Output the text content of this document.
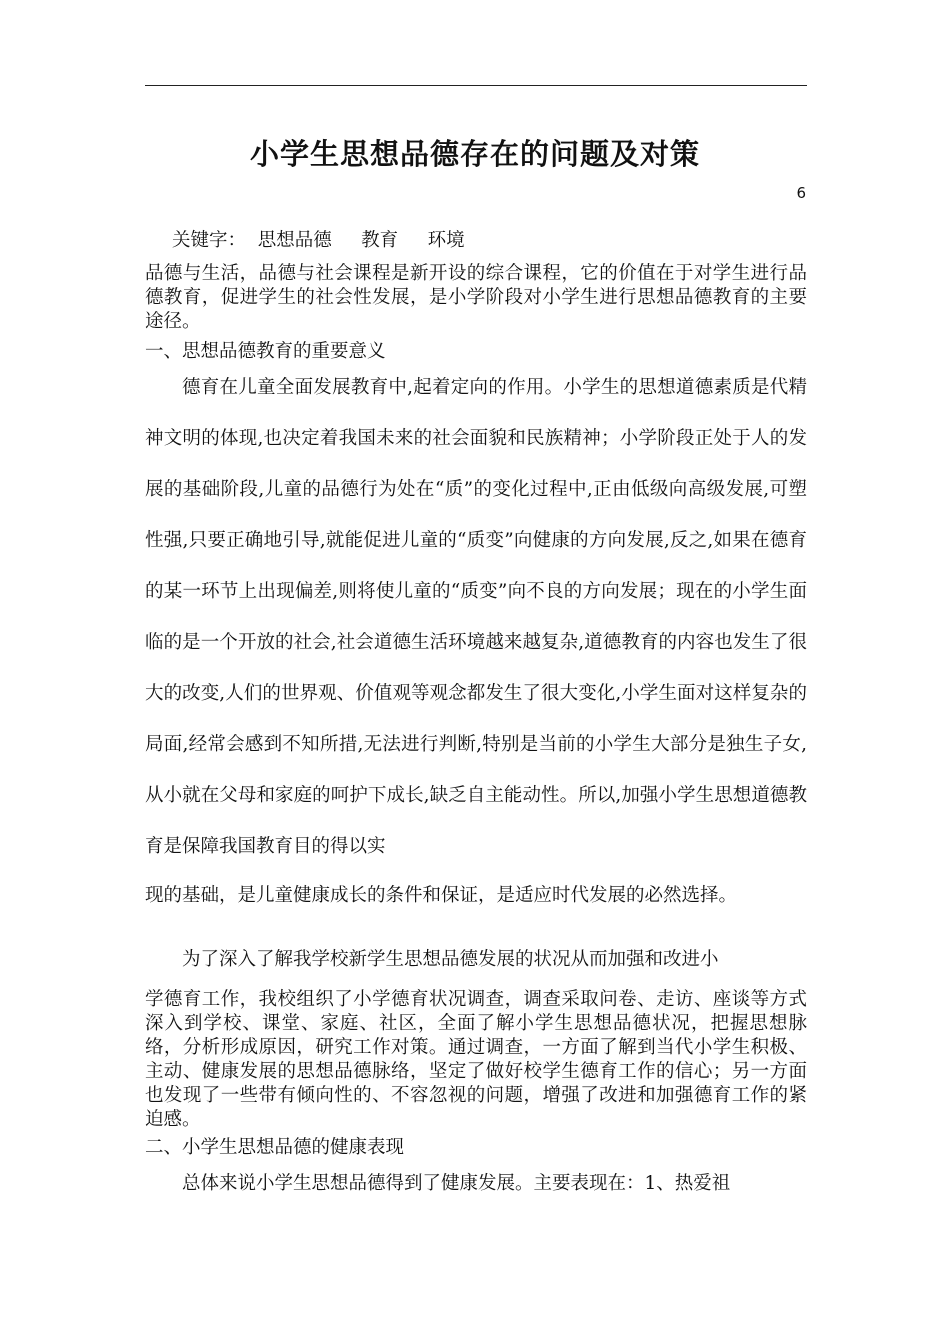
小学生思想品德存在的问题及对策
6
关键字：  思想品德     教育     环境

品德与生活，品德与社会课程是新开设的综合课程，它的价值在于对学生进行品德教育，促进学生的社会性发展，是小学阶段对小学生进行思想品德教育的主要途径。

一、思想品德教育的重要意义

德育在儿童全面发展教育中,起着定向的作用。小学生的思想道德素质是代精神文明的体现,也决定着我国未来的社会面貌和民族精神；小学阶段正处于人的发展的基础阶段,儿童的品德行为处在“质”的变化过程中,正由低级向高级发展,可塑性强,只要正确地引导,就能促进儿童的“质变”向健康的方向发展,反之,如果在德育的某一环节上出现偏差,则将使儿童的“质变”向不良的方向发展；现在的小学生面临的是一个开放的社会,社会道德生活环境越来越复杂,道德教育的内容也发生了很大的改变,人们的世界观、价值观等观念都发生了很大变化,小学生面对这样复杂的局面,经常会感到不知所措,无法进行判断,特别是当前的小学生大部分是独生子女,从小就在父母和家庭的呵护下成长,缺乏自主能动性。所以,加强小学生思想道德教育是保障我国教育目的得以实

现的基础，是儿童健康成长的条件和保证，是适应时代发展的必然选择。

为了深入了解我学校新学生思想品德发展的状况从而加强和改进小

学德育工作，我校组织了小学德育状况调查，调查采取问卷、走访、座谈等方式深入到学校、课堂、家庭、社区，全面了解小学生思想品德状况，把握思想脉络，分析形成原因，研究工作对策。通过调查，一方面了解到当代小学生积极、主动、健康发展的思想品德脉络，坚定了做好校学生德育工作的信心；另一方面也发现了一些带有倾向性的、不容忽视的问题，增强了改进和加强德育工作的紧迫感。

二、小学生思想品德的健康表现

总体来说小学生思想品德得到了健康发展。主要表现在：1、热爱祖
